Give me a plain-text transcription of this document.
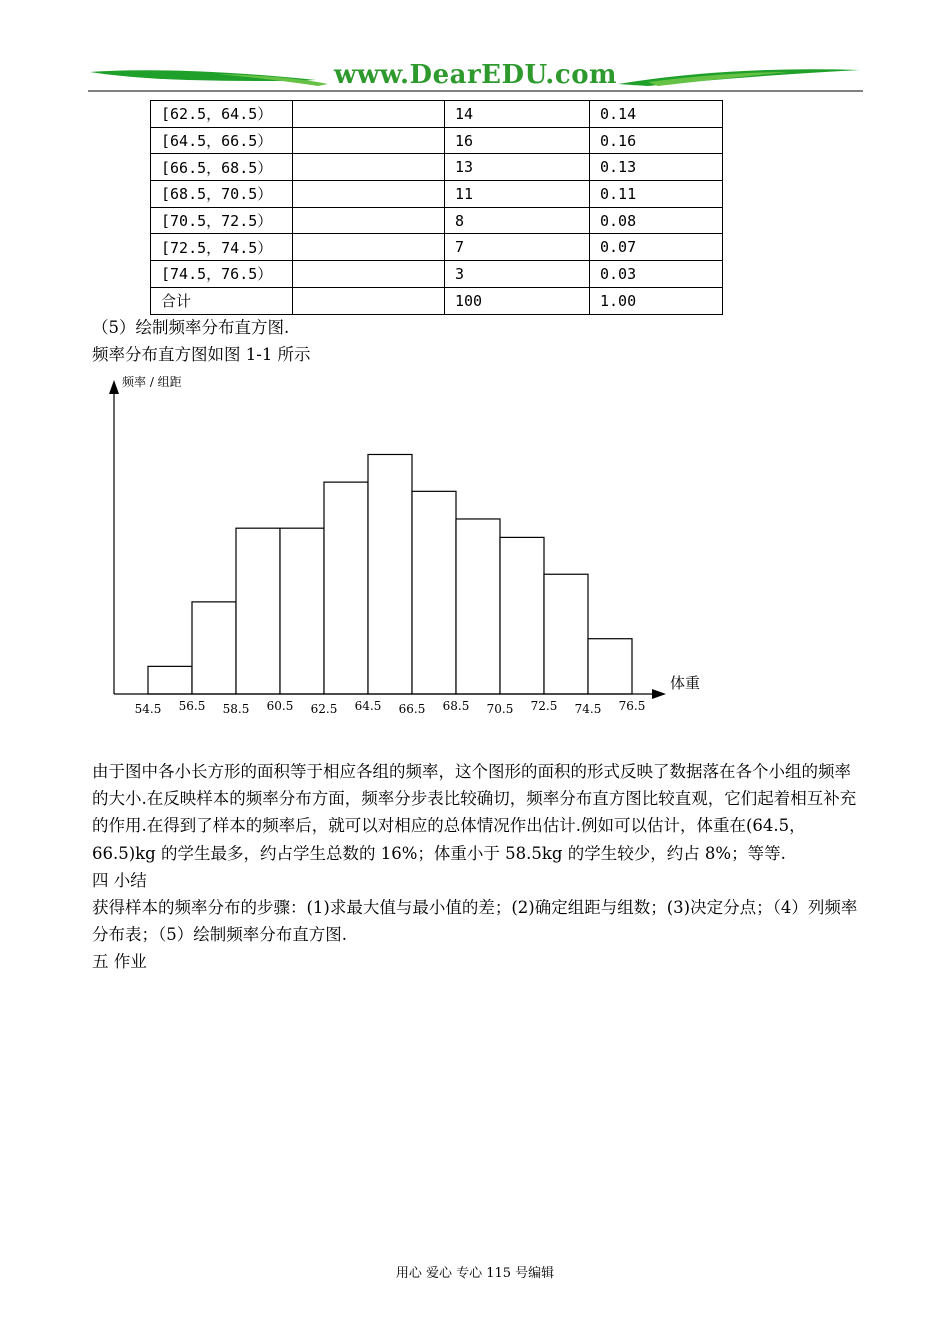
www.DearEDU.com
[62.5，64.5）		14	0.14
[64.5，66.5）		16	0.16
[66.5，68.5）		13	0.13
[68.5，70.5）		11	0.11
[70.5，72.5）		8	0.08
[72.5，74.5）		7	0.07
[74.5，76.5）		3	0.03
合计		100	1.00
（5）绘制频率分布直方图.
频率分布直方图如图 1-1 所示
频率 / 组距
体重
54.5 56.5 58.5 60.5 62.5 64.5 66.5 68.5 70.5 72.5 74.5 76.5

由于图中各小长方形的面积等于相应各组的频率，这个图形的面积的形式反映了数据落在各个小组的频率的大小.在反映样本的频率分布方面，频率分步表比较确切，频率分布直方图比较直观，它们起着相互补充的作用.在得到了样本的频率后，就可以对相应的总体情况作出估计.例如可以估计，体重在(64.5，66.5)kg 的学生最多，约占学生总数的 16%；体重小于 58.5kg 的学生较少，约占 8%；等等.

四 小结

获得样本的频率分布的步骤：(1)求最大值与最小值的差；(2)确定组距与组数；(3)决定分点；（4）列频率分布表；（5）绘制频率分布直方图.

五 作业

用心 爱心 专心 115 号编辑
